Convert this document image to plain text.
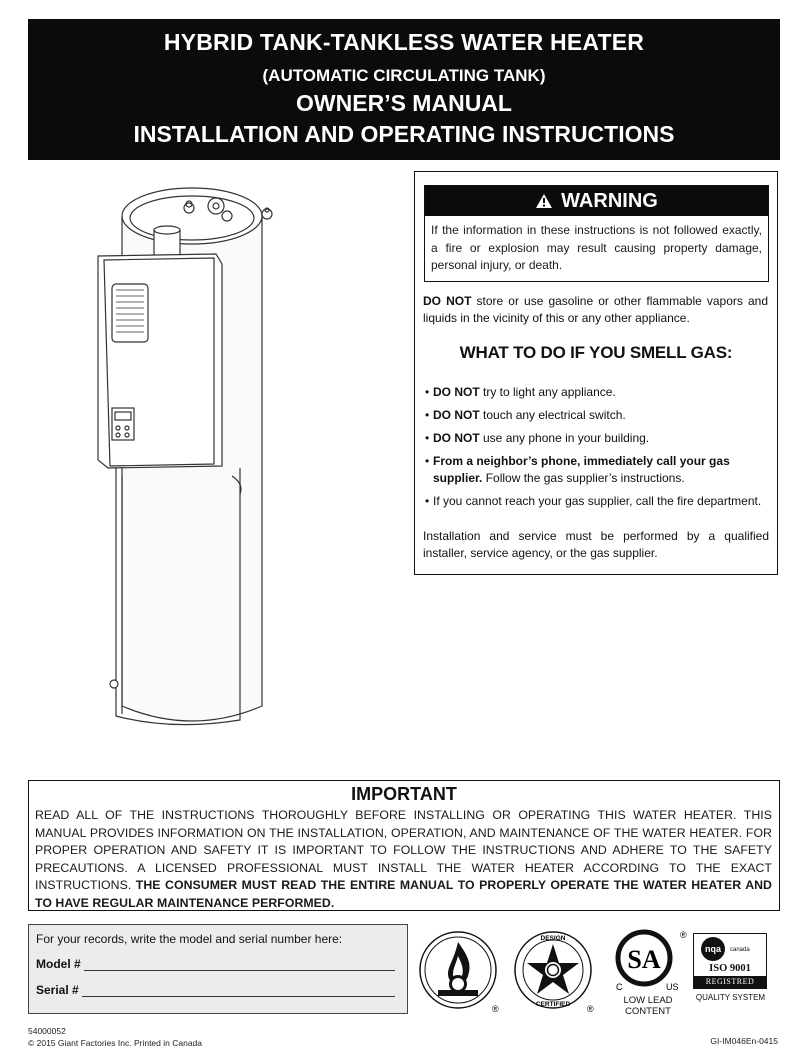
HYBRID TANK-TANKLESS WATER HEATER
(AUTOMATIC CIRCULATING TANK)
OWNER’S MANUAL
INSTALLATION AND OPERATING INSTRUCTIONS
WARNING
If the information in these instructions is not followed exactly, a fire or explosion may result causing property damage, personal injury, or death.
DO NOT store or use gasoline or other flammable vapors and liquids in the vicinity of this or any other appliance.
WHAT TO DO IF YOU SMELL GAS:
• DO NOT try to light any appliance.
• DO NOT touch any electrical switch.
• DO NOT use any phone in your building.
• From a neighbor’s phone, immediately call your gas supplier. Follow the gas supplier’s instructions.
• If you cannot reach your gas supplier, call the fire department.
Installation and service must be performed by a qualified installer, service agency, or the gas supplier.
IMPORTANT
READ ALL OF THE INSTRUCTIONS THOROUGHLY BEFORE INSTALLING OR OPERATING THIS WATER HEATER. THIS MANUAL PROVIDES INFORMATION ON THE INSTALLATION, OPERATION, AND MAINTENANCE OF THE WATER HEATER. FOR PROPER OPERATION AND SAFETY IT IS IMPORTANT TO FOLLOW THE INSTRUCTIONS AND ADHERE TO THE SAFETY PRECAUTIONS. A LICENSED PROFESSIONAL MUST INSTALL THE WATER HEATER ACCORDING TO THE EXACT INSTRUCTIONS. THE CONSUMER MUST READ THE ENTIRE MANUAL TO PROPERLY OPERATE THE WATER HEATER AND TO HAVE REGULAR MAINTENANCE PERFORMED.
For your records, write the model and serial number here:
Model #
Serial #
®
DESIGN
CERTIFIED ®
SA
®
C	US
LOW LEAD
CONTENT
nqa	canada
ISO 9001
REGISTRED
QUALITY SYSTEM
54000052
© 2015 Giant Factories Inc. Printed in Canada	GI-IM046En-0415
